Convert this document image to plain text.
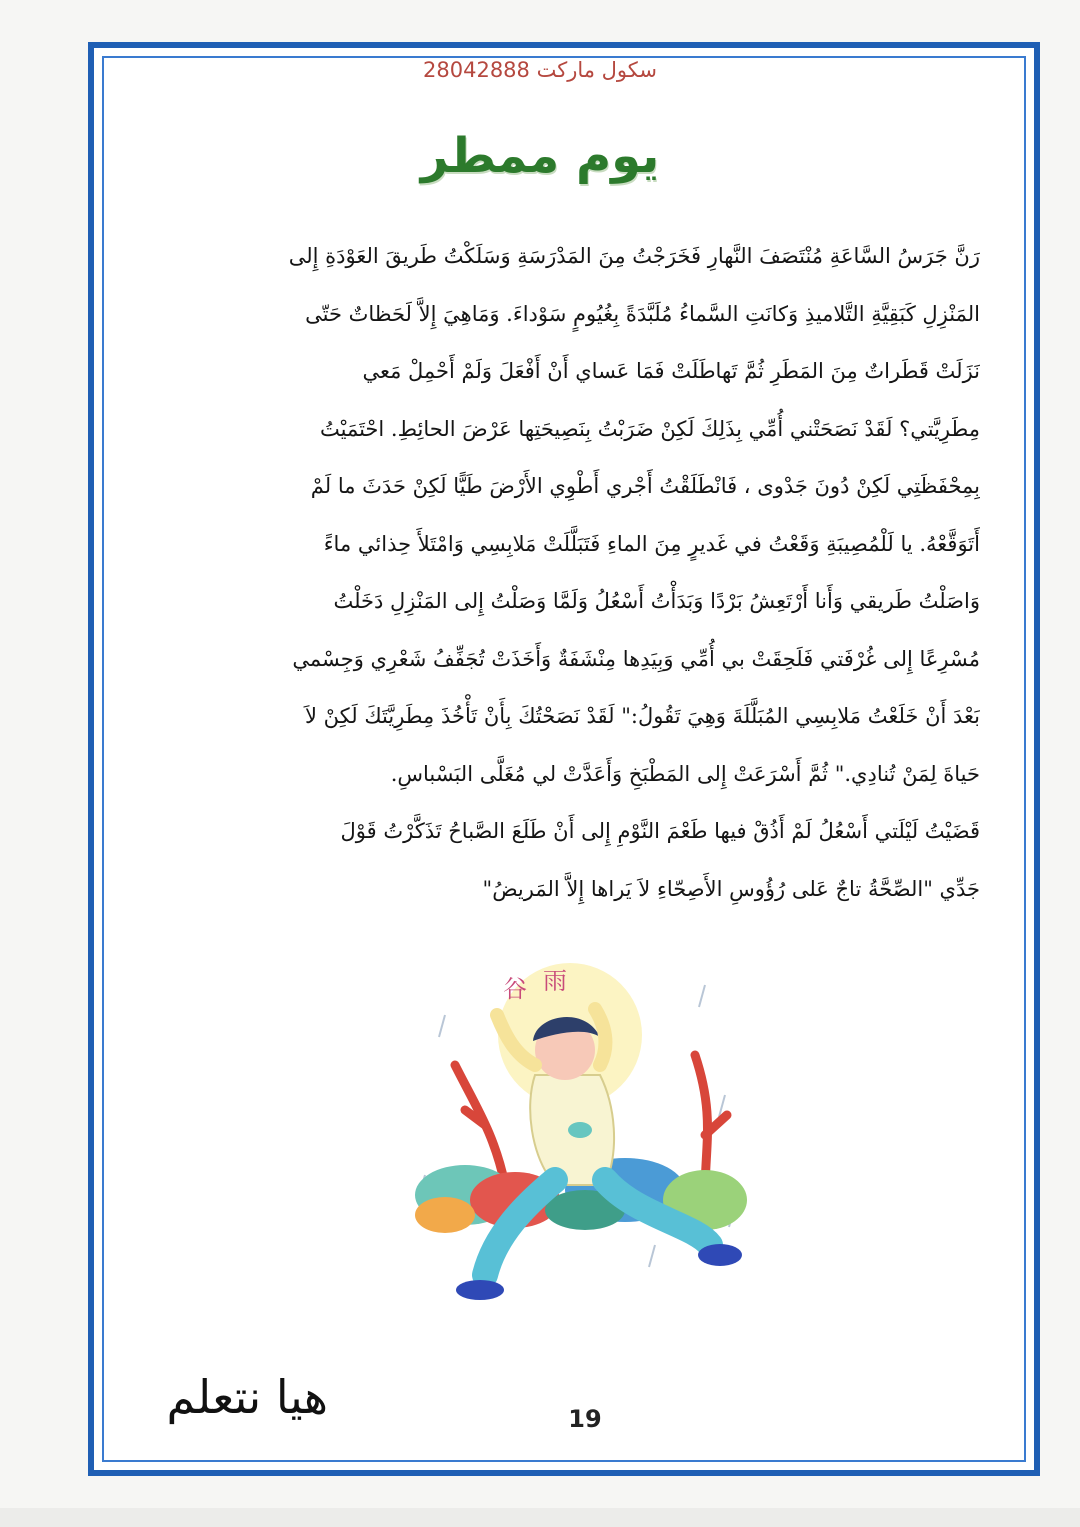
سكول ماركت 28042888
يوم ممطر
رَنَّ جَرَسُ السَّاعَةِ مُنْتَصَفَ النَّهارِ فَخَرَجْتُ مِنَ المَدْرَسَةِ وَسَلَكْتُ طَريقَ العَوْدَةِ إِلى
المَنْزِلِ كَبَقِيَّةِ التَّلاميذِ وَكانَتِ السَّماءُ مُلَبَّدَةً بِغُيُومٍ سَوْداءَ. وَمَاهِيَ إِلاَّ لَحَظاتٌ حَتّى
نَزَلَتْ قَطَراتٌ مِنَ المَطَرِ ثُمَّ تَهاطَلَتْ فَمَا عَساي أَنْ أَفْعَلَ وَلَمْ أَحْمِلْ مَعي
مِطَرِيَّتي؟ لَقَدْ نَصَحَتْني أُمِّي بِذَلِكَ لَكِنْ ضَرَبْتُ بِنَصِيحَتِها عَرْضَ الحائِطِ. احْتَمَيْتُ
بِمِحْفَظَتِي لَكِنْ دُونَ جَدْوى ، فَانْطَلَقْتُ أَجْري أَطْوِي الأَرْضَ طَيًّا لَكِنْ حَدَثَ ما لَمْ
أَتَوَقَّعْهُ. يا لَلْمُصِيبَةِ وَقَعْتُ في غَديرٍ مِنَ الماءِ فَتَبَلَّلَتْ مَلابِسِي وَامْتَلأَ حِذائي ماءً
وَاصَلْتُ طَريقي وَأَنا أَرْتَعِشُ بَرْدًا وَبَدَأْتُ أَسْعُلُ وَلَمَّا وَصَلْتُ إِلى المَنْزِلِ دَخَلْتُ
مُسْرِعًا إِلى غُرْفَتي فَلَحِقَتْ بي أُمِّي وَبِيَدِها مِنْشَفَةٌ وَأَخَذَتْ تُجَفِّفُ شَعْرِي وَجِسْمي
بَعْدَ أَنْ خَلَعْتُ مَلابِسِي المُبَلَّلَةَ وَهِيَ تَقُولُ:" لَقَدْ نَصَحْتُكَ بِأَنْ تَأْخُذَ مِطَرِيَّتَكَ لَكِنْ لاَ
حَياةَ لِمَنْ تُنادِي." ثُمَّ أَسْرَعَتْ إِلى المَطْبَخِ وَأَعَدَّتْ لي مُغَلَّى البَسْباسِ.
قَضَيْتُ لَيْلَتي أَسْعُلُ لَمْ أَذُقْ فيها طَعْمَ النَّوْمِ إِلى أَنْ طَلَعَ الصَّباحُ تَذَكَّرْتُ قَوْلَ
جَدِّي "الصِّحَّةُ تاجٌ عَلى رُؤُوسِ الأَصِحّاءِ لاَ يَراها إِلاَّ المَريضُ"
谷 雨
هيا نتعلم	19
